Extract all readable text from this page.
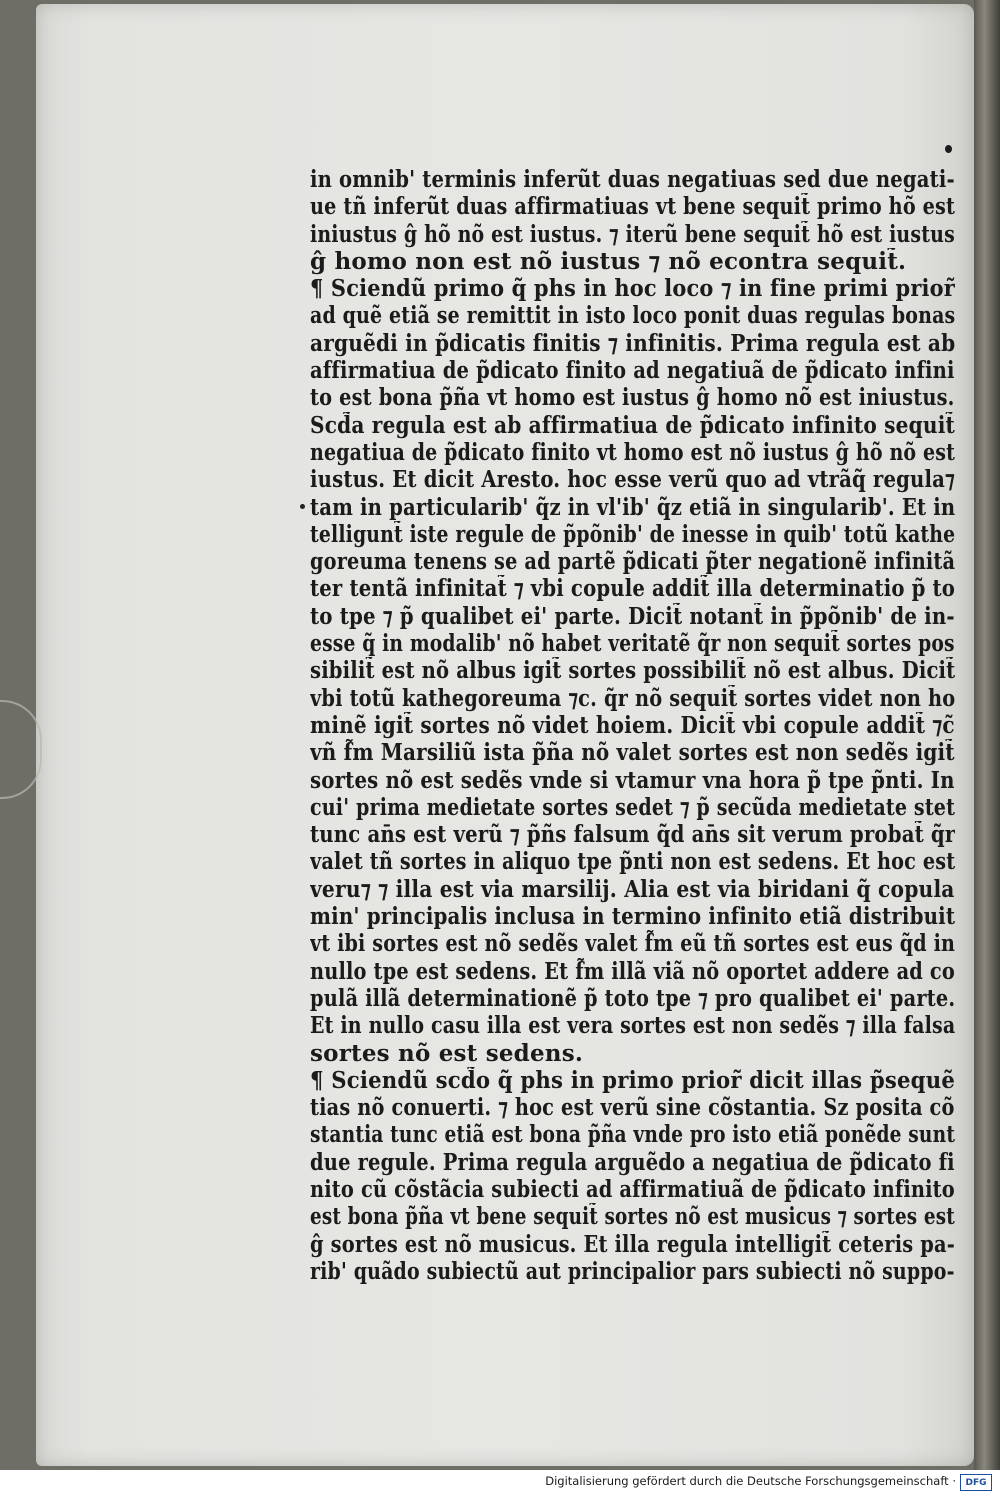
in omnib' terminis inferũt duas negatiuas sed due negati-
ue tñ inferũt duas affirmatiuas vt bene sequit̃ primo hõ est
iniustus ĝ hõ nõ est iustus. ⁊ iterũ bene sequit̃ hõ est iustus
ĝ homo non est nõ iustus ⁊ nõ econtra sequit̃.
¶ Sciendũ primo q̃ phs in hoc loco ⁊ in fine primi prior̃
ad quẽ etiã se remittit in isto loco ponit duas regulas bonas
arguẽdi in p̃dicatis finitis ⁊ infinitis. Prima regula est ab
affirmatiua de p̃dicato finito ad negatiuã de p̃dicato infini
to est bona p̃ña vt homo est iustus ĝ homo nõ est iniustus.
Scd̃a regula est ab affirmatiua de p̃dicato infinito sequit̃
negatiua de p̃dicato finito vt homo est nõ iustus ĝ hõ nõ est
iustus. Et dicit Aresto. hoc esse verũ quo ad vtrãq̃ regula⁊
tam in particularib' q̃z in vl'ib' q̃z etiã in singularib'. Et in
telligunt̃ iste regule de p̃põnib' de inesse in quib' totũ kathe
goreuma tenens se ad partẽ p̃dicati p̃ter negationẽ infinitã
ter tentã infinitat̃ ⁊ vbi copule addit̃ illa determinatio p̃ to
to tpe ⁊ p̃ qualibet ei' parte. Dicit̃ notant̃ in p̃põnib' de in-
esse q̃ in modalib' nõ habet veritatẽ q̃r non sequit̃ sortes pos
sibilit̃ est nõ albus igit̃ sortes possibilit̃ nõ est albus. Dicit̃
vbi totũ kathegoreuma ⁊c. q̃r nõ sequit̃ sortes videt non ho
minẽ igit̃ sortes nõ videt hoiem. Dicit̃ vbi copule addit̃ ⁊c̃
vñ f̃m Marsiliũ ista p̃ña nõ valet sortes est non sedẽs igit̃
sortes nõ est sedẽs vnde si vtamur vna hora p̃ tpe p̃nti. In
cui' prima medietate sortes sedet ⁊ p̃ secũda medietate stet
tunc an̄s est verũ ⁊ p̃ñs falsum q̃d an̄s sit verum probat̃ q̃r
valet tñ sortes in aliquo tpe p̃nti non est sedens. Et hoc est
veru⁊ ⁊ illa est via marsilij. Alia est via biridani q̃ copula
min' principalis inclusa in termino infinito etiã distribuit
vt ibi sortes est nõ sedẽs valet f̃m eũ tñ sortes est eus q̃d in
nullo tpe est sedens. Et f̃m illã viã nõ oportet addere ad co
pulã illã determinationẽ p̃ toto tpe ⁊ pro qualibet ei' parte.
Et in nullo casu illa est vera sortes est non sedẽs ⁊ illa falsa
sortes nõ est sedens.
¶ Sciendũ scd̃o q̃ phs in primo prior̃ dicit illas p̃sequẽ
tias nõ conuerti. ⁊ hoc est verũ sine cõstantia. Sz posita cõ
stantia tunc etiã est bona p̃ña vnde pro isto etiã ponẽde sunt
due regule. Prima regula arguẽdo a negatiua de p̃dicato fi
nito cũ cõstãcia subiecti ad affirmatiuã de p̃dicato infinito
est bona p̃ña vt bene sequit̃ sortes nõ est musicus ⁊ sortes est
ĝ sortes est nõ musicus. Et illa regula intelligit̃ ceteris pa-
rib' quãdo subiectũ aut principalior pars subiecti nõ suppo-
Digitalisierung gefördert durch die Deutsche Forschungsgemeinschaft ·	DFG
